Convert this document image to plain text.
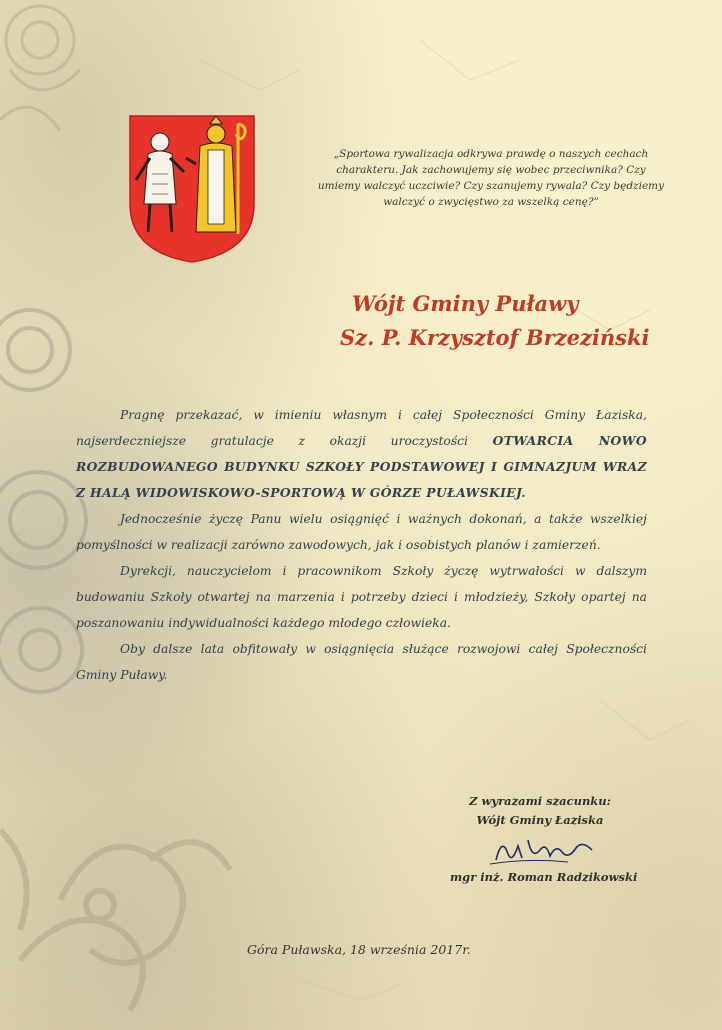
„Sportowa rywalizacja odkrywa prawdę o naszych cechach charakteru. Jak zachowujemy się wobec przeciwnika? Czy umiemy walczyć uczciwie? Czy szanujemy rywala? Czy będziemy walczyć o zwycięstwo za wszelką cenę?”
Wójt Gminy Puławy
Sz. P. Krzysztof Brzeziński

Pragnę przekazać, w imieniu własnym i całej Społeczności Gminy Łaziska, najserdeczniejsze gratulacje z okazji uroczystości OTWARCIA NOWO ROZBUDOWANEGO BUDYNKU SZKOŁY PODSTAWOWEJ I GIMNAZJUM WRAZ Z HALĄ WIDOWISKOWO-SPORTOWĄ W GÓRZE PUŁAWSKIEJ.

Jednocześnie życzę Panu wielu osiągnięć i ważnych dokonań, a także wszelkiej pomyślności w realizacji zarówno zawodowych, jak i osobistych planów i zamierzeń.

Dyrekcji, nauczycielom i pracownikom Szkoły życzę wytrwałości w dalszym budowaniu Szkoły otwartej na marzenia i potrzeby dzieci i młodzieży, Szkoły opartej na poszanowaniu indywidualności każdego młodego człowieka.

Oby dalsze lata obfitowały w osiągnięcia służące rozwojowi całej Społeczności Gminy Puławy.

Z wyrazami szacunku:
Wójt Gminy Łaziska
mgr inż. Roman Radzikowski
Góra Puławska, 18 września 2017r.
